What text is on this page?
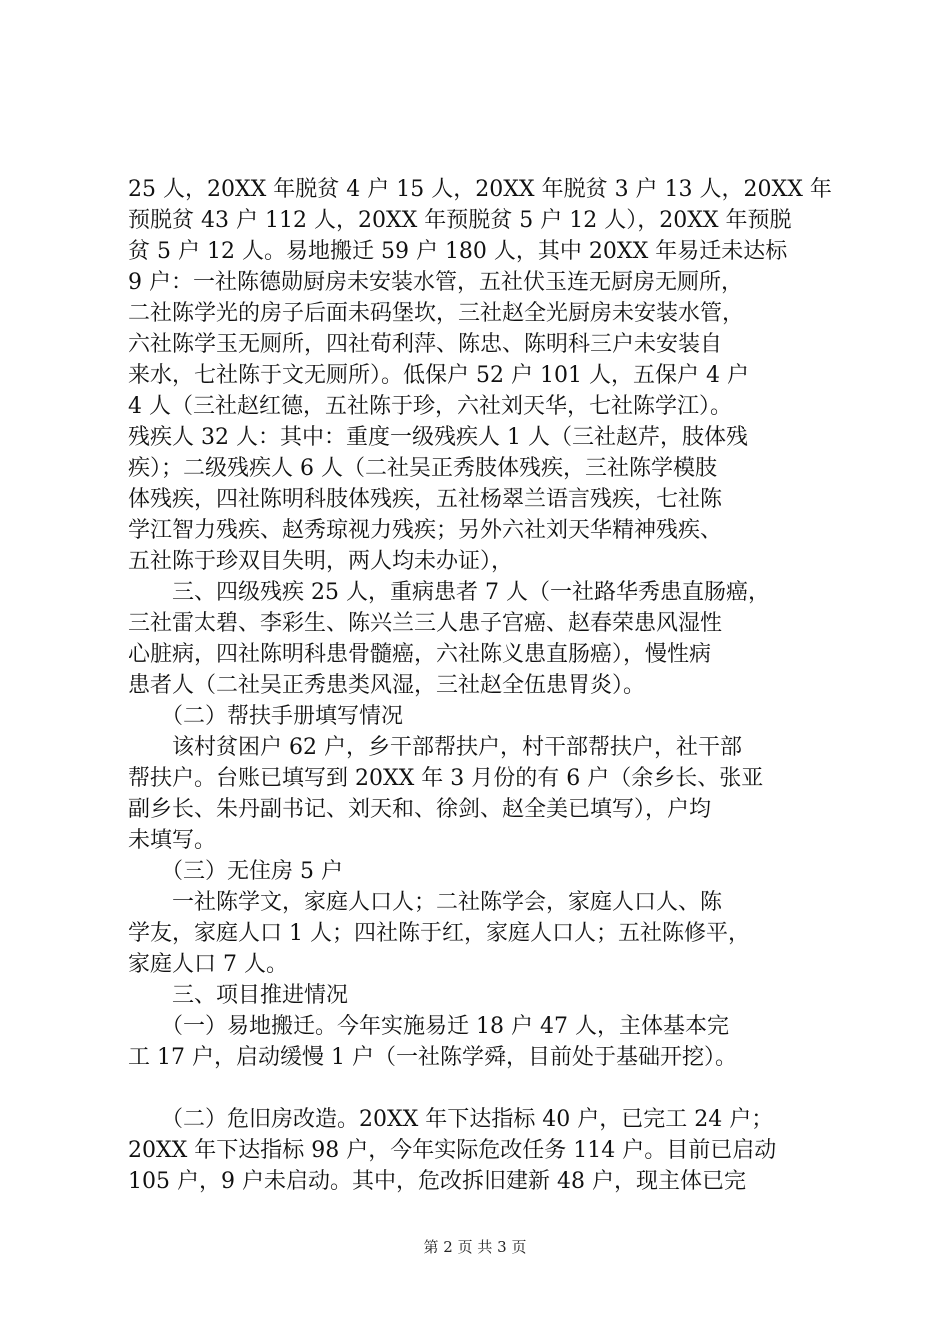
25 人，20XX 年脱贫 4 户 15 人，20XX 年脱贫 3 户 13 人，20XX 年
预脱贫 43 户 112 人，20XX 年预脱贫 5 户 12 人），20XX 年预脱
贫 5 户 12 人。易地搬迁 59 户 180 人，其中 20XX 年易迁未达标
9 户：一社陈德勋厨房未安装水管，五社伏玉连无厨房无厕所，
二社陈学光的房子后面未码堡坎，三社赵全光厨房未安装水管，
六社陈学玉无厕所，四社荀利萍、陈忠、陈明科三户未安装自
来水，七社陈于文无厕所）。低保户 52 户 101 人，五保户 4 户
4 人（三社赵红德，五社陈于珍，六社刘天华，七社陈学江）。
残疾人 32 人：其中：重度一级残疾人 1 人（三社赵芹，肢体残
疾）；二级残疾人 6 人（二社吴正秀肢体残疾，三社陈学模肢
体残疾，四社陈明科肢体残疾，五社杨翠兰语言残疾，七社陈
学江智力残疾、赵秀琼视力残疾；另外六社刘天华精神残疾、
五社陈于珍双目失明，两人均未办证），
　　三、四级残疾 25 人，重病患者 7 人（一社路华秀患直肠癌，
三社雷太碧、李彩生、陈兴兰三人患子宫癌、赵春荣患风湿性
心脏病，四社陈明科患骨髓癌，六社陈义患直肠癌），慢性病
患者人（二社吴正秀患类风湿，三社赵全伍患胃炎）。
　　（二）帮扶手册填写情况
　　该村贫困户 62 户，乡干部帮扶户，村干部帮扶户，社干部
帮扶户。台账已填写到 20XX 年 3 月份的有 6 户（余乡长、张亚
副乡长、朱丹副书记、刘天和、徐剑、赵全美已填写），户均
未填写。
　　（三）无住房 5 户
　　一社陈学文，家庭人口人；二社陈学会，家庭人口人、陈
学友，家庭人口 1 人；四社陈于红，家庭人口人；五社陈修平，
家庭人口 7 人。
　　三、项目推进情况
　　（一）易地搬迁。今年实施易迁 18 户 47 人，主体基本完
工 17 户，启动缓慢 1 户（一社陈学舜，目前处于基础开挖）。
　　（二）危旧房改造。20XX 年下达指标 40 户，已完工 24 户；
20XX 年下达指标 98 户，今年实际危改任务 114 户。目前已启动
105 户，9 户未启动。其中，危改拆旧建新 48 户，现主体已完
第 2 页 共 3 页
